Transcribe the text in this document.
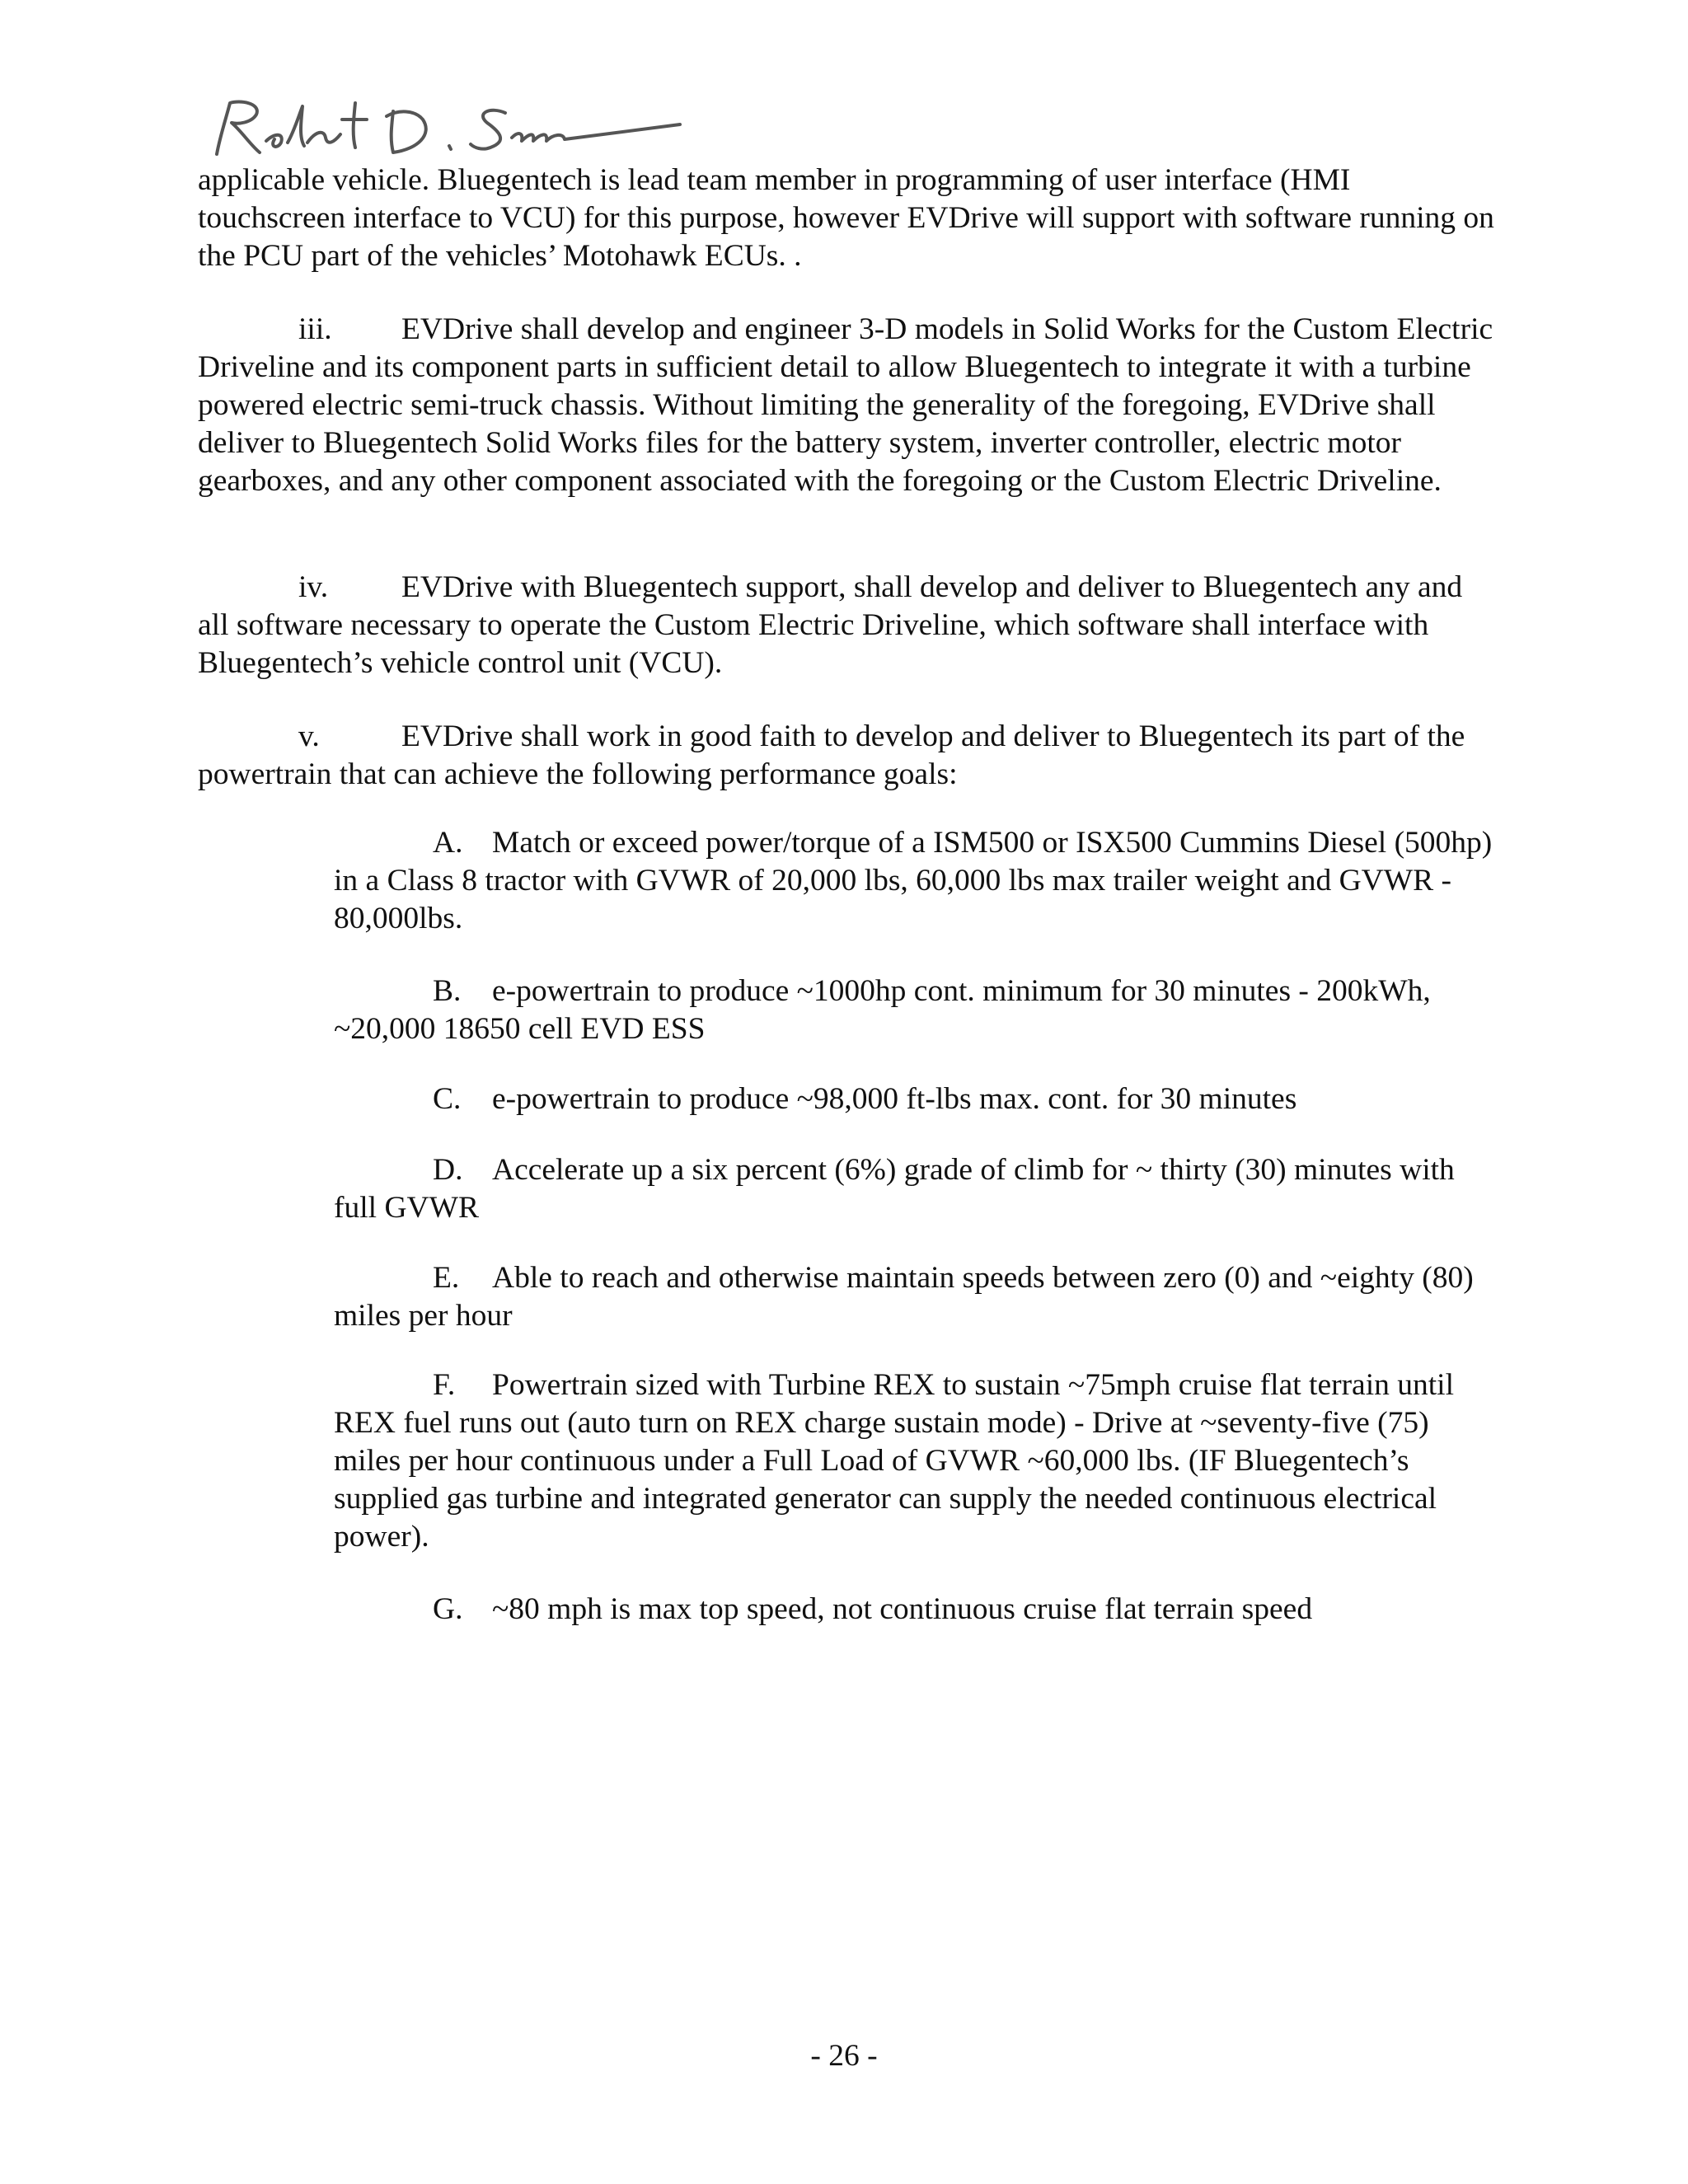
applicable vehicle. Bluegentech is lead team member in programming of user interface (HMI touchscreen interface to VCU) for this purpose, however EVDrive will support with software running on the PCU part of the vehicles’ Motohawk ECUs. .
iii. EVDrive shall develop and engineer 3-D models in Solid Works for the Custom Electric Driveline and its component parts in sufficient detail to allow Bluegentech to integrate it with a turbine powered electric semi-truck chassis. Without limiting the generality of the foregoing, EVDrive shall deliver to Bluegentech Solid Works files for the battery system, inverter controller, electric motor gearboxes, and any other component associated with the foregoing or the Custom Electric Driveline.
iv. EVDrive with Bluegentech support, shall develop and deliver to Bluegentech any and all software necessary to operate the Custom Electric Driveline, which software shall interface with Bluegentech’s vehicle control unit (VCU).
v.	EVDrive shall work in good faith to develop and deliver to Bluegentech its part of the powertrain that can achieve the following performance goals:
A. Match or exceed power/torque of a ISM500 or ISX500 Cummins Diesel (500hp) in a Class 8 tractor with GVWR of 20,000 lbs, 60,000 lbs max trailer weight and GVWR - 80,000lbs.
B. e-powertrain to produce ~1000hp cont. minimum for 30 minutes - 200kWh, ~20,000 18650 cell EVD ESS
C. e-powertrain to produce ~98,000 ft-lbs max. cont. for 30 minutes
D. Accelerate up a six percent (6%) grade of climb for ~ thirty (30) minutes with full GVWR
E. Able to reach and otherwise maintain speeds between zero (0) and ~eighty (80) miles per hour
F. Powertrain sized with Turbine REX to sustain ~75mph cruise flat terrain until REX fuel runs out (auto turn on REX charge sustain mode) - Drive at ~seventy-five (75) miles per hour continuous under a Full Load of GVWR ~60,000 lbs. (IF Bluegentech’s supplied gas turbine and integrated generator can supply the needed continuous electrical power).
G. ~80 mph is max top speed, not continuous cruise flat terrain speed
- 26 -
